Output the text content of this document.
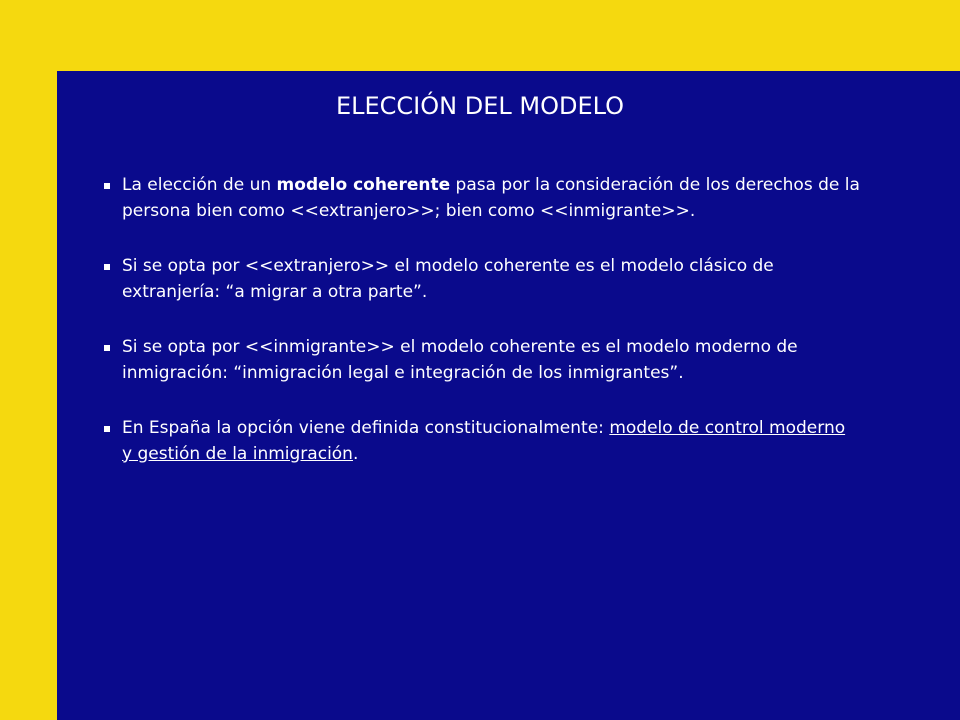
ELECCIÓN DEL MODELO
La elección de un modelo coherente pasa por la consideración de los derechos de la persona bien como <<extranjero>>; bien como <<inmigrante>>.
Si se opta por <<extranjero>> el modelo coherente es el modelo clásico de extranjería: “a migrar a otra parte”.
Si se opta por <<inmigrante>> el modelo coherente es el modelo moderno de inmigración: “inmigración legal e integración de los inmigrantes”.
En España la opción viene definida constitucionalmente: modelo de control moderno y gestión de la inmigración.
